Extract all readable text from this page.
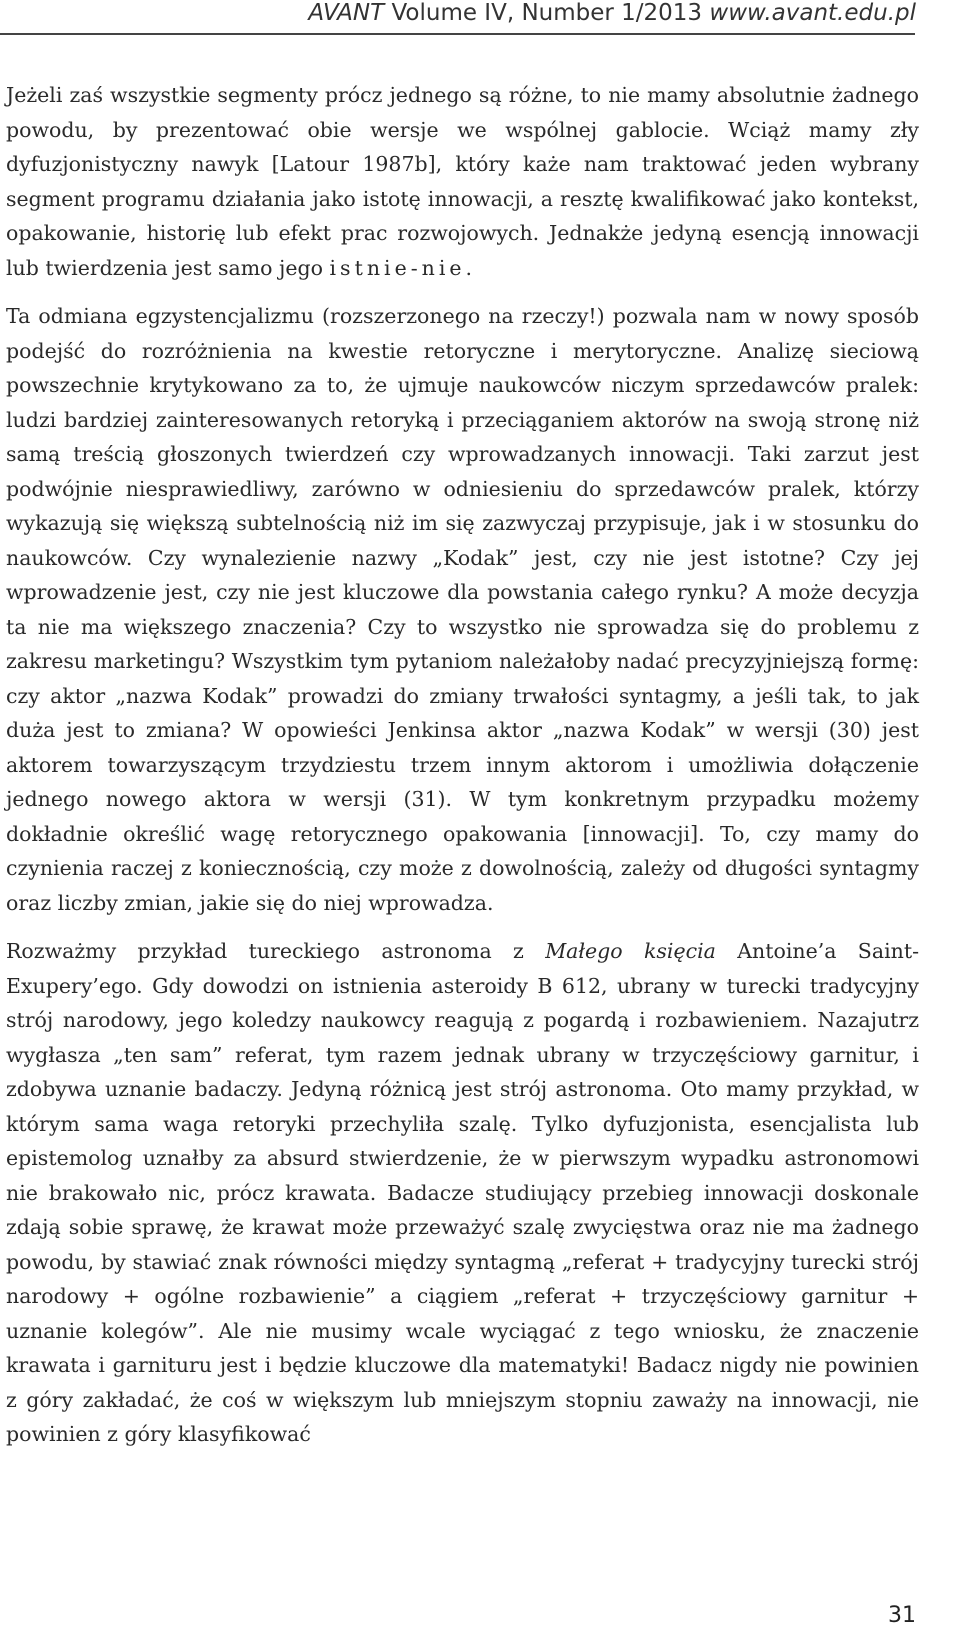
AVANT Volume IV, Number 1/2013 www.avant.edu.pl

Jeżeli zaś wszystkie segmenty prócz jednego są różne, to nie mamy absolutnie żadnego powodu, by prezentować obie wersje we wspólnej gablocie. Wciąż mamy zły dyfuzjonistyczny nawyk [Latour 1987b], który każe nam traktować jeden wybrany segment programu działania jako istotę innowacji, a resztę kwalifikować jako kontekst, opakowanie, historię lub efekt prac rozwojowych. Jednakże jedyną esencją innowacji lub twierdzenia jest samo jego istnie-nie.

Ta odmiana egzystencjalizmu (rozszerzonego na rzeczy!) pozwala nam w nowy sposób podejść do rozróżnienia na kwestie retoryczne i merytoryczne. Analizę sieciową powszechnie krytykowano za to, że ujmuje naukowców niczym sprzedawców pralek: ludzi bardziej zainteresowanych retoryką i przeciąganiem aktorów na swoją stronę niż samą treścią głoszonych twierdzeń czy wprowadzanych innowacji. Taki zarzut jest podwójnie niesprawiedliwy, zarówno w odniesieniu do sprzedawców pralek, którzy wykazują się większą subtelnością niż im się zazwyczaj przypisuje, jak i w stosunku do naukowców. Czy wynalezienie nazwy „Kodak” jest, czy nie jest istotne? Czy jej wprowadzenie jest, czy nie jest kluczowe dla powstania całego rynku? A może decyzja ta nie ma większego znaczenia? Czy to wszystko nie sprowadza się do problemu z zakresu marketingu? Wszystkim tym pytaniom należałoby nadać precyzyjniejszą formę: czy aktor „nazwa Kodak” prowadzi do zmiany trwałości syntagmy, a jeśli tak, to jak duża jest to zmiana? W opowieści Jenkinsa aktor „nazwa Kodak” w wersji (30) jest aktorem towarzyszącym trzydziestu trzem innym aktorom i umożliwia dołączenie jednego nowego aktora w wersji (31). W tym konkretnym przypadku możemy dokładnie określić wagę retorycznego opakowania [innowacji]. To, czy mamy do czynienia raczej z koniecznością, czy może z dowolnością, zależy od długości syntagmy oraz liczby zmian, jakie się do niej wprowadza.

Rozważmy przykład tureckiego astronoma z Małego księcia Antoine’a Saint-Exupery’ego. Gdy dowodzi on istnienia asteroidy B 612, ubrany w turecki tradycyjny strój narodowy, jego koledzy naukowcy reagują z pogardą i rozbawieniem. Nazajutrz wygłasza „ten sam” referat, tym razem jednak ubrany w trzyczęściowy garnitur, i zdobywa uznanie badaczy. Jedyną różnicą jest strój astronoma. Oto mamy przykład, w którym sama waga retoryki przechyliła szalę. Tylko dyfuzjonista, esencjalista lub epistemolog uznałby za absurd stwierdzenie, że w pierwszym wypadku astronomowi nie brakowało nic, prócz krawata. Badacze studiujący przebieg innowacji doskonale zdają sobie sprawę, że krawat może przeważyć szalę zwycięstwa oraz nie ma żadnego powodu, by stawiać znak równości między syntagmą „referat + tradycyjny turecki strój narodowy + ogólne rozbawienie” a ciągiem „referat + trzyczęściowy garnitur + uznanie kolegów”. Ale nie musimy wcale wyciągać z tego wniosku, że znaczenie krawata i garnituru jest i będzie kluczowe dla matematyki! Badacz nigdy nie powinien z góry zakładać, że coś w większym lub mniejszym stopniu zaważy na innowacji, nie powinien z góry klasyfikować

31
